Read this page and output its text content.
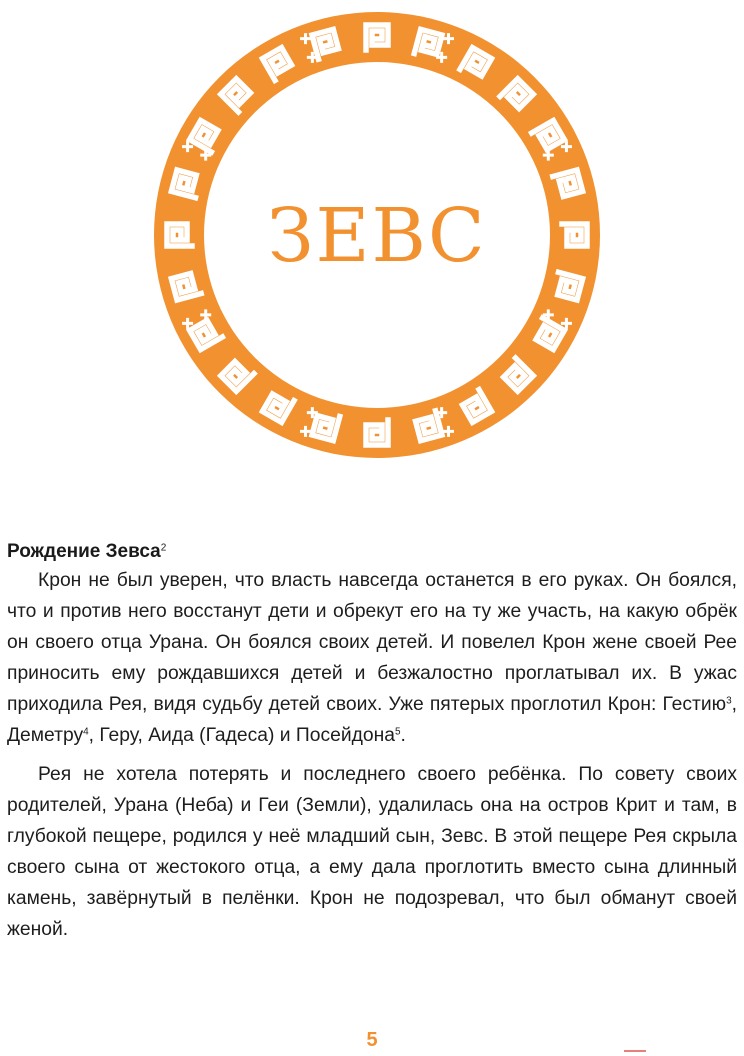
ЗЕВС
Рождение Зевса$^2$

Крон не был уверен, что власть навсегда останется в его руках. Он боялся, что и против него восстанут дети и обрекут его на ту же участь, на какую обрёк он своего отца Урана. Он боялся своих детей. И повелел Крон жене своей Рее приносить ему рождавшихся детей и безжалостно проглатывал их. В ужас приходила Рея, видя судьбу детей своих. Уже пятерых проглотил Крон: Гестию$^3$, Деметру$^4$, Геру, Аида (Гадеса) и Посейдона$^5$.

Рея не хотела потерять и последнего своего ребёнка. По совету своих родителей, Урана (Неба) и Геи (Земли), удалилась она на остров Крит и там, в глубокой пещере, родился у неё младший сын, Зевс. В этой пещере Рея скрыла своего сына от жестокого отца, а ему дала проглотить вместо сына длинный камень, завёрнутый в пелёнки. Крон не подозревал, что был обманут своей женой.

5
